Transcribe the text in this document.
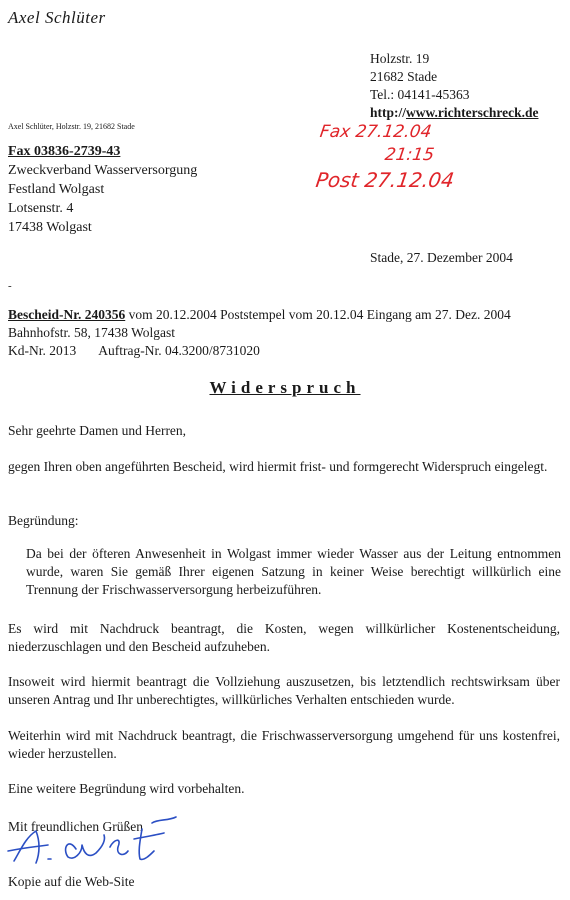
Axel Schlüter
Holzstr. 19
21682 Stade
Tel.: 04141-45363
http://www.richterschreck.de
Axel Schlüter, Holzstr. 19, 21682 Stade
Fax 03836-2739-43
Zweckverband Wasserversorgung
Festland Wolgast
Lotsenstr. 4
17438 Wolgast
Fax 27.12.04
21:15
Post 27.12.04
Stade, 27. Dezember 2004
-
Bescheid-Nr. 240356 vom 20.12.2004 Poststempel vom 20.12.04 Eingang am 27. Dez. 2004
Bahnhofstr. 58, 17438 Wolgast
Kd-Nr. 2013 Auftrag-Nr. 04.3200/8731020
Widerspruch
Sehr geehrte Damen und Herren,
gegen Ihren oben angeführten Bescheid, wird hiermit frist- und formgerecht Widerspruch eingelegt.
Begründung:
Da bei der öfteren Anwesenheit in Wolgast immer wieder Wasser aus der Leitung entnommen wurde, waren Sie gemäß Ihrer eigenen Satzung in keiner Weise berechtigt willkürlich eine Trennung der Frischwasserversorgung herbeizuführen.
Es wird mit Nachdruck beantragt, die Kosten, wegen willkürlicher Kostenentscheidung, niederzuschlagen und den Bescheid aufzuheben.
Insoweit wird hiermit beantragt die Vollziehung auszusetzen, bis letztendlich rechtswirksam über unseren Antrag und Ihr unberechtigtes, willkürliches Verhalten entschieden wurde.
Weiterhin wird mit Nachdruck beantragt, die Frischwasserversorgung umgehend für uns kostenfrei, wieder herzustellen.
Eine weitere Begründung wird vorbehalten.
Mit freundlichen Grüßen
Kopie auf die Web-Site
